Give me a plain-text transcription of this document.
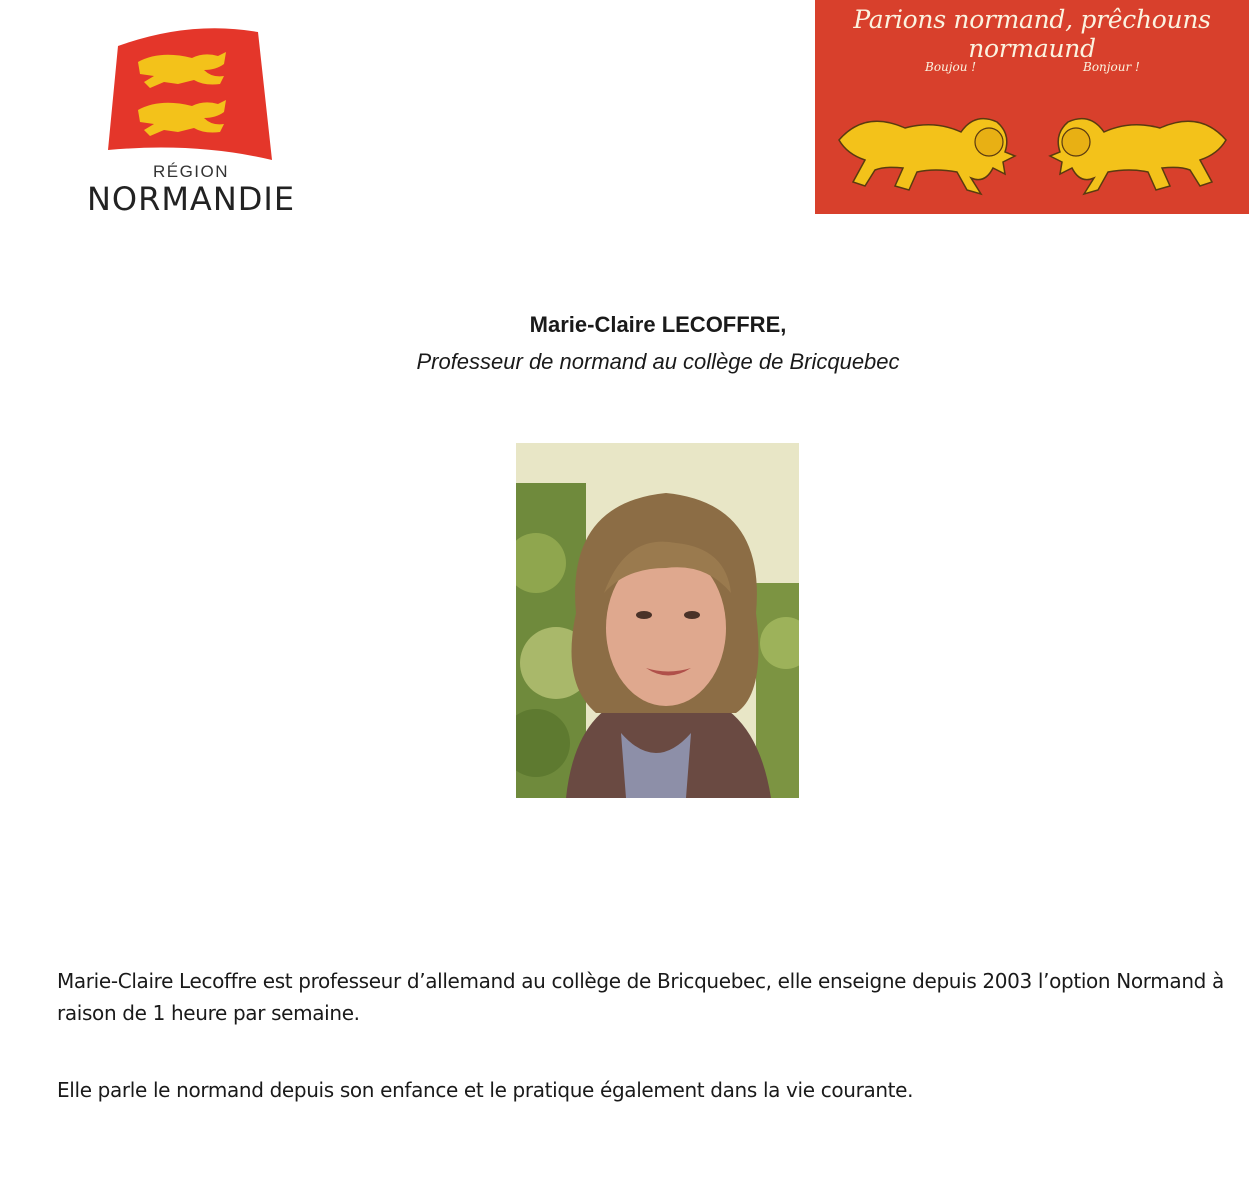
RÉGION
NORMANDIE
Parions normand, prêchouns normaund
Boujou !	Bonjour !
Marie-Claire LECOFFRE,
Professeur de normand au collège de Bricquebec
Marie-Claire Lecoffre est professeur d’allemand au collège de Bricquebec, elle enseigne depuis 2003 l’option Normand à raison de 1 heure par semaine.
Elle parle le normand depuis son enfance et le pratique également dans la vie courante.
